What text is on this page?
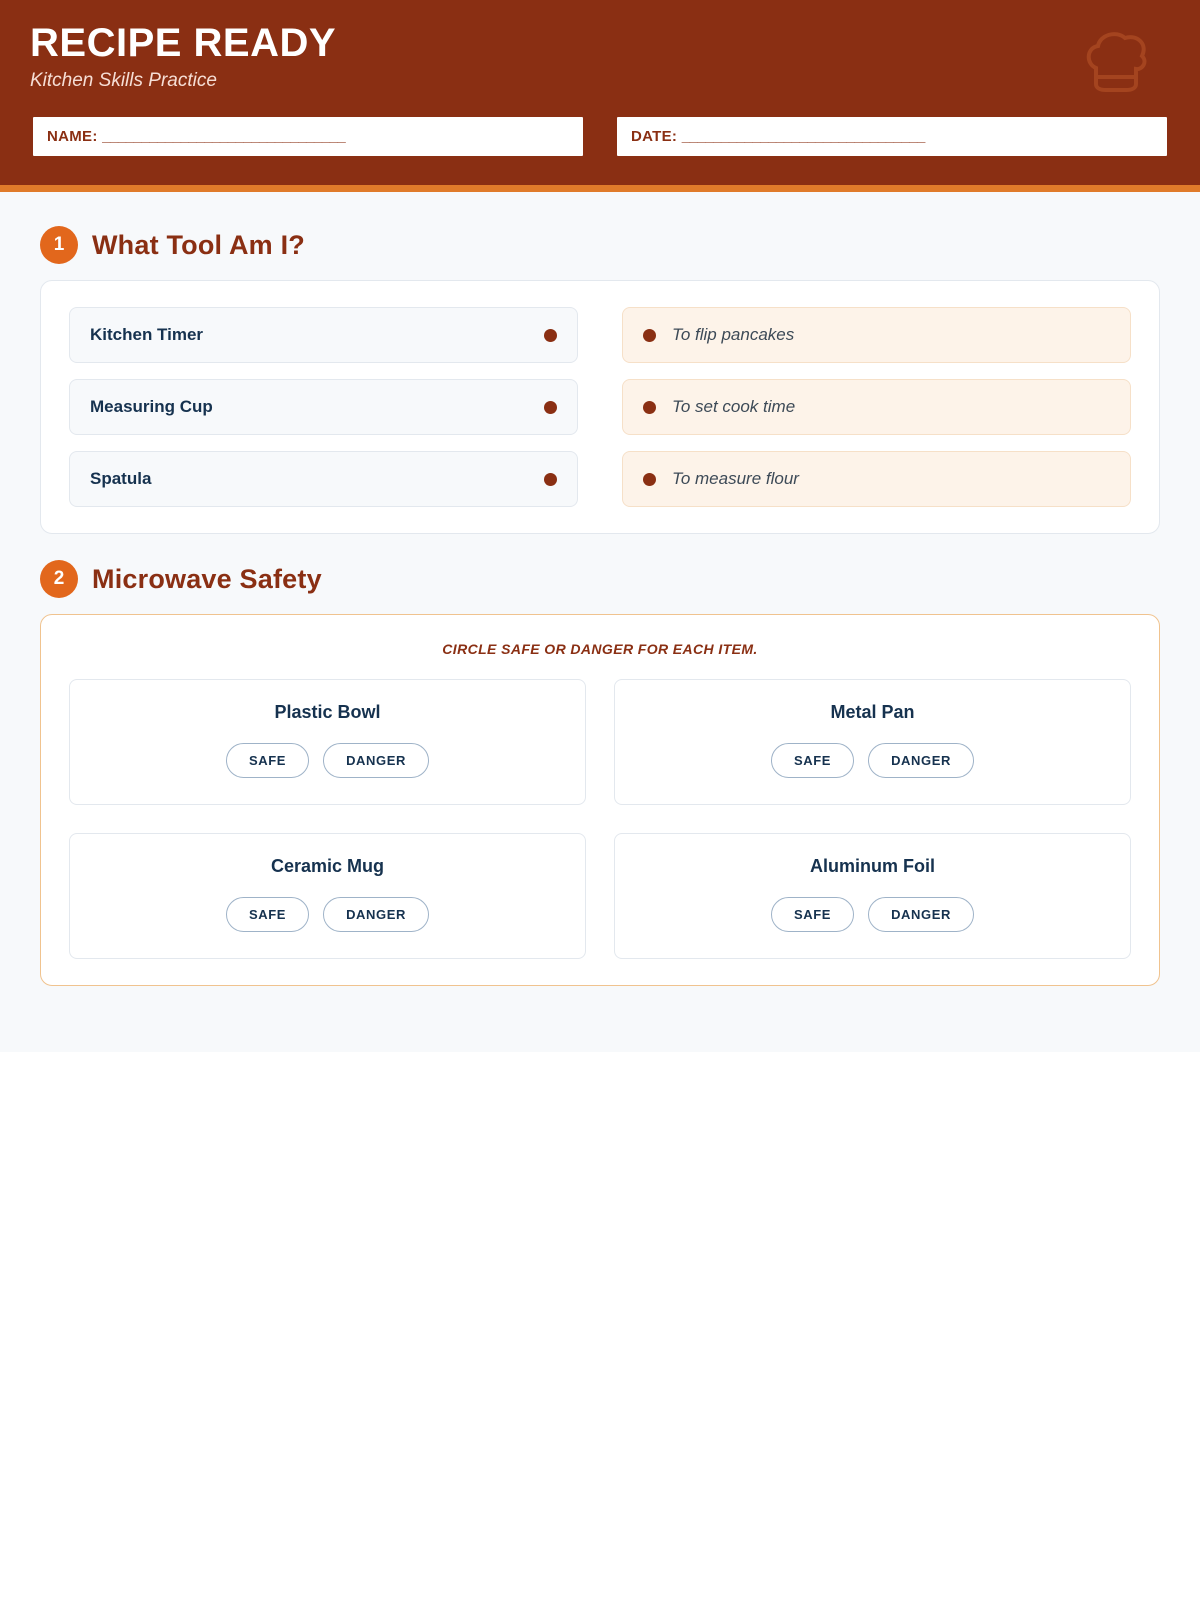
RECIPE READY
Kitchen Skills Practice
NAME: _______________________________	DATE: _______________________________
1	What Tool Am I?
Kitchen Timer
Measuring Cup
Spatula
To flip pancakes
To set cook time
To measure flour
2	Microwave Safety
CIRCLE SAFE OR DANGER FOR EACH ITEM.
Plastic Bowl
SAFE	DANGER
Metal Pan
SAFE	DANGER
Ceramic Mug
SAFE	DANGER
Aluminum Foil
SAFE	DANGER
